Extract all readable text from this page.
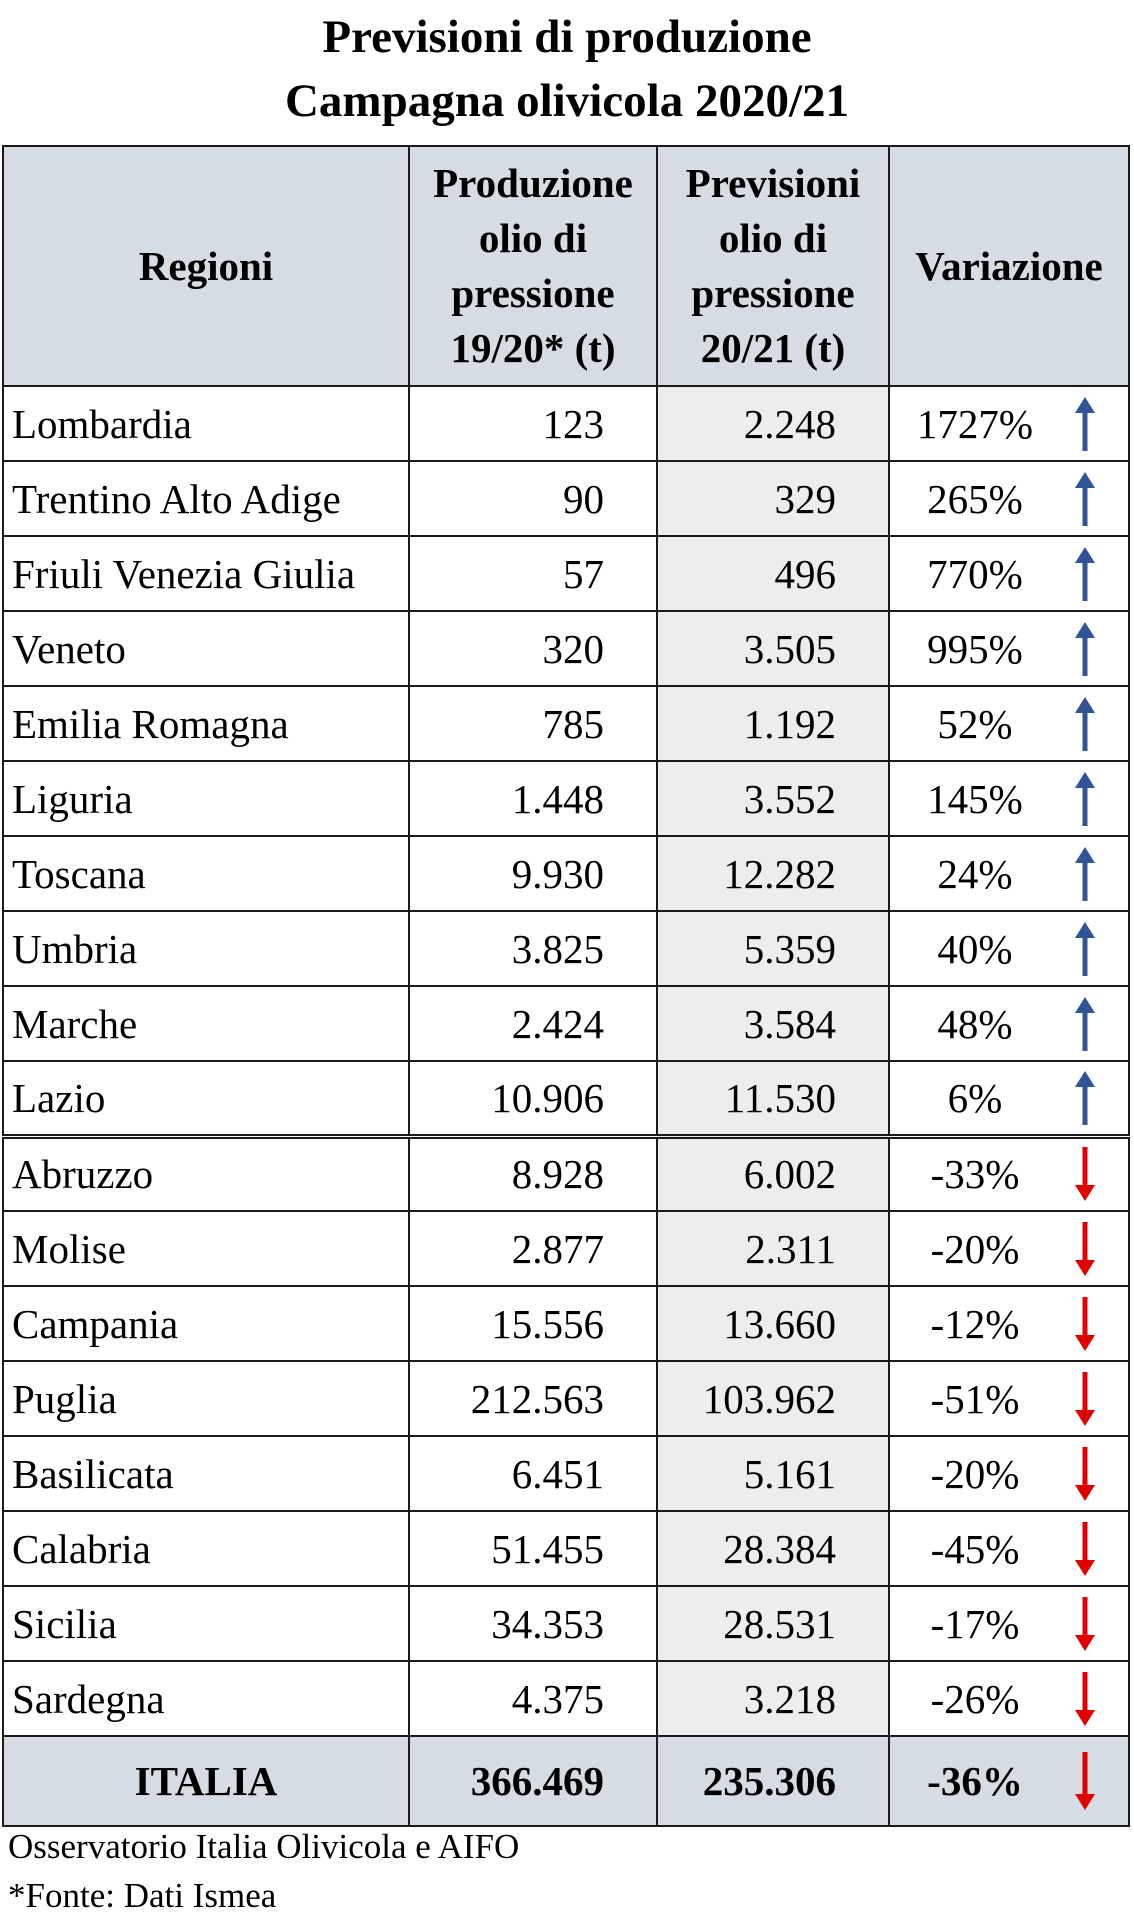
Previsioni di produzione
Campagna olivicola 2020/21
Regioni	Produzione olio di pressione 19/20* (t)	Previsioni olio di pressione 20/21 (t)	Variazione
Lombardia	123	2.248	1727%

Trentino Alto Adige	90	329	265%

Friuli Venezia Giulia	57	496	770%

Veneto	320	3.505	995%

Emilia Romagna	785	1.192	52%

Liguria	1.448	3.552	145%

Toscana	9.930	12.282	24%

Umbria	3.825	5.359	40%

Marche	2.424	3.584	48%

Lazio	10.906	11.530	6%

Abruzzo	8.928	6.002	-33%

Molise	2.877	2.311	-20%

Campania	15.556	13.660	-12%

Puglia	212.563	103.962	-51%

Basilicata	6.451	5.161	-20%

Calabria	51.455	28.384	-45%

Sicilia	34.353	28.531	-17%

Sardegna	4.375	3.218	-26%

ITALIA	366.469	235.306	-36%
Osservatorio Italia Olivicola e AIFO
*Fonte: Dati Ismea
